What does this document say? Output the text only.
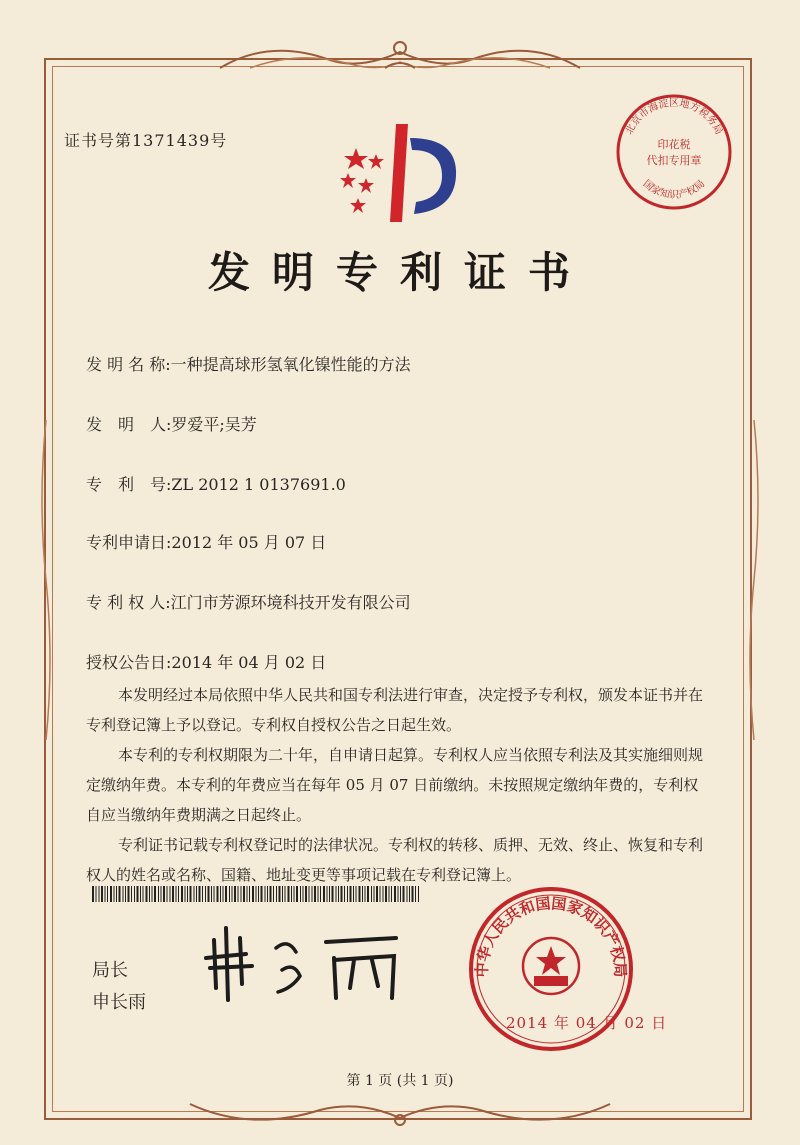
证书号第1371439号
发明专利证书
发 明 名 称:一种提高球形氢氧化镍性能的方法
发　明　人:罗爱平;吴芳
专　利　号:ZL 2012 1 0137691.0
专利申请日:2012 年 05 月 07 日
专 利 权 人:江门市芳源环境科技开发有限公司
授权公告日:2014 年 04 月 02 日

本发明经过本局依照中华人民共和国专利法进行审查，决定授予专利权，颁发本证书并在专利登记簿上予以登记。专利权自授权公告之日起生效。

本专利的专利权期限为二十年，自申请日起算。专利权人应当依照专利法及其实施细则规定缴纳年费。本专利的年费应当在每年 05 月 07 日前缴纳。未按照规定缴纳年费的，专利权自应当缴纳年费期满之日起终止。

专利证书记载专利权登记时的法律状况。专利权的转移、质押、无效、终止、恢复和专利权人的姓名或名称、国籍、地址变更等事项记载在专利登记簿上。

局长
申长雨
中华人民共和国国家知识产权局
2014 年 04 月 02 日
北京市海淀区地方税务局
印花税
代扣专用章
国家知识产权局
第 1 页 (共 1 页)
